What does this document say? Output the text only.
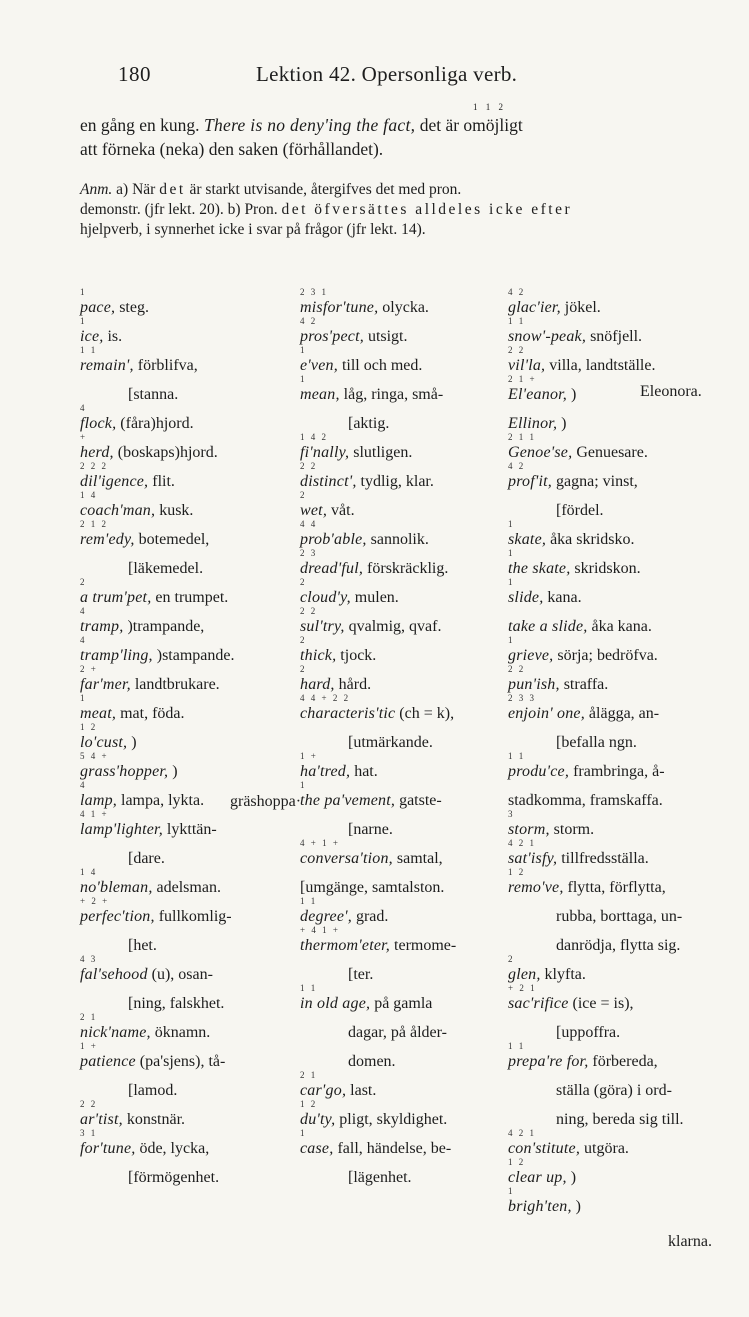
180	Lektion 42. Opersonliga verb.
1 1 2
en gång en kung. There is no deny'ing the fact, det är omöjligt
att förneka (neka) den saken (förhållandet).
Anm. a) När det är starkt utvisande, återgifves det med pron.
demonstr. (jfr lekt. 20). b) Pron. det öfversättes alldeles icke efter
hjelpverb, i synnerhet icke i svar på frågor (jfr lekt. 14).
1
pace, steg.
1
ice, is.
1 1
remain', förblifva,
[stanna.
4
flock, (fåra)hjord.
+
herd, (boskaps)hjord.
2 2 2
dil'igence, flit.
1 4
coach'man, kusk.
2 1 2
rem'edy, botemedel,
[läkemedel.
2
a trum'pet, en trumpet.
4
tramp, )trampande,
4
tramp'ling, )stampande.
2 +
far'mer, landtbrukare.
1
meat, mat, föda.
1 2
lo'cust, )
5 4 +
grass'hopper, )
4
lamp, lampa, lykta.
4 1 +
lamp'lighter, lykttän-
[dare.
1 4
no'bleman, adelsman.
+ 2 +
perfec'tion, fullkomlig-
[het.
4 3
fal'sehood (u), osan-
[ning, falskhet.
2 1
nick'name, öknamn.
1 +
patience (pa'sjens), tå-
[lamod.
2 2
ar'tist, konstnär.
3 1
for'tune, öde, lycka,
[förmögenhet.
2 3 1
misfor'tune, olycka.
4 2
pros'pect, utsigt.
1
e'ven, till och med.
1
mean, låg, ringa, små-
[aktig.
1 4 2
fi'nally, slutligen.
2 2
distinct', tydlig, klar.
2
wet, våt.
4 4
prob'able, sannolik.
2 3
dread'ful, förskräcklig.
2
cloud'y, mulen.
2 2
sul'try, qvalmig, qvaf.
2
thick, tjock.
2
hard, hård.
4 4 + 2 2
characteris'tic (ch = k),
[utmärkande.
1 +
ha'tred, hat.
1
the pa'vement, gatste-
[narne.
4 + 1 +
conversa'tion, samtal,
[umgänge, samtalston.
1 1
degree', grad.
+ 4 1 +
thermom'eter, termome-
[ter.
1 1
in old age, på gamla
dagar, på ålder-
domen.
2 1
car'go, last.
1 2
du'ty, pligt, skyldighet.
1
case, fall, händelse, be-
[lägenhet.
4 2
glac'ier, jökel.
1 1
snow'-peak, snöfjell.
2 2
vil'la, villa, landtställe.
2 1 +
El'eanor, )
Ellinor, )
2 1 1
Genoe'se, Genuesare.
4 2
prof'it, gagna; vinst,
[fördel.
1
skate, åka skridsko.
1
the skate, skridskon.
1
slide, kana.
take a slide, åka kana.
1
grieve, sörja; bedröfva.
2 2
pun'ish, straffa.
2 3 3
enjoin' one, ålägga, an-
[befalla ngn.
1 1
produ'ce, frambringa, å-
stadkomma, framskaffa.
3
storm, storm.
4 2 1
sat'isfy, tillfredsställa.
1 2
remo've, flytta, förflytta,
rubba, borttaga, un-
danrödja, flytta sig.
2
glen, klyfta.
+ 2 1
sac'rifice (ice = is),
[uppoffra.
1 1
prepa're for, förbereda,
ställa (göra) i ord-
ning, bereda sig till.
4 2 1
con'stitute, utgöra.
1 2
clear up, )
1
brigh'ten, )
gräshoppa·
Eleonora.
klarna.
